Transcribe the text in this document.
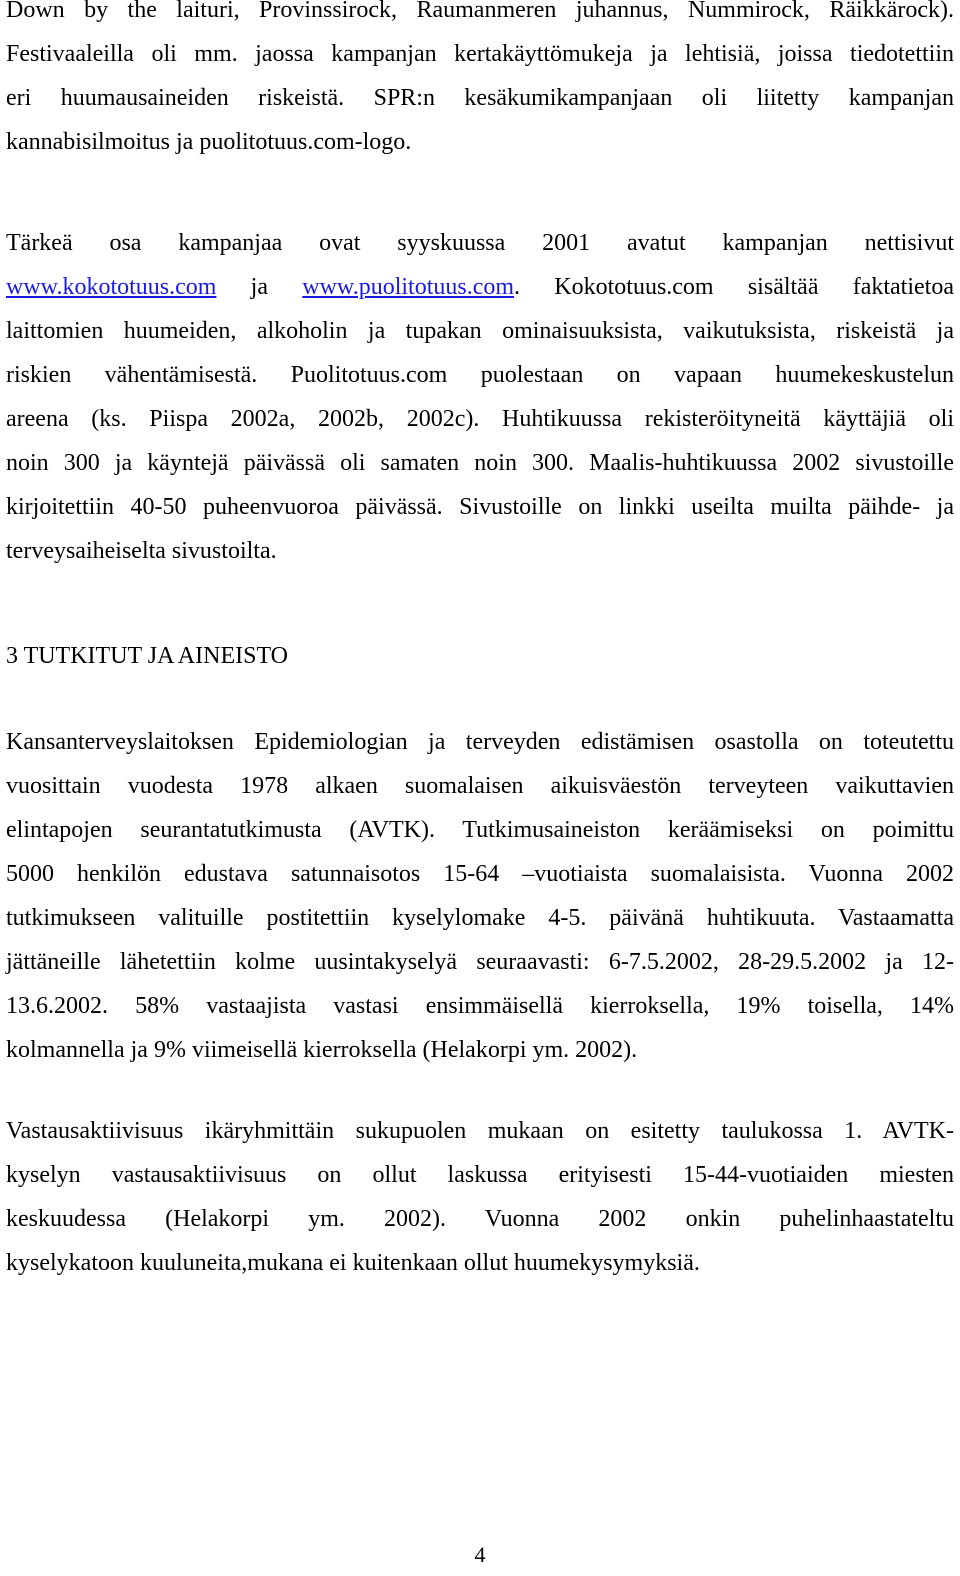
Down by the laituri, Provinssirock, Raumanmeren juhannus, Nummirock, Räikkärock).
Festivaaleilla oli mm. jaossa kampanjan kertakäyttömukeja ja lehtisiä, joissa tiedotettiin
eri huumausaineiden riskeistä. SPR:n kesäkumikampanjaan oli liitetty kampanjan
kannabisilmoitus ja puolitotuus.com-logo.
Tärkeä osa kampanjaa ovat syyskuussa 2001 avatut kampanjan nettisivut
www.kokototuus.com ja www.puolitotuus.com. Kokototuus.com sisältää faktatietoa
laittomien huumeiden, alkoholin ja tupakan ominaisuuksista, vaikutuksista, riskeistä ja
riskien vähentämisestä. Puolitotuus.com puolestaan on vapaan huumekeskustelun
areena (ks. Piispa 2002a, 2002b, 2002c). Huhtikuussa rekisteröityneitä käyttäjiä oli
noin 300 ja käyntejä päivässä oli samaten noin 300. Maalis-huhtikuussa 2002 sivustoille
kirjoitettiin 40-50 puheenvuoroa päivässä. Sivustoille on linkki useilta muilta päihde- ja
terveysaiheiselta sivustoilta.
3 TUTKITUT JA AINEISTO
Kansanterveyslaitoksen Epidemiologian ja terveyden edistämisen osastolla on toteutettu
vuosittain vuodesta 1978 alkaen suomalaisen aikuisväestön terveyteen vaikuttavien
elintapojen seurantatutkimusta (AVTK). Tutkimusaineiston keräämiseksi on poimittu
5000 henkilön edustava satunnaisotos 15-64 –vuotiaista suomalaisista. Vuonna 2002
tutkimukseen valituille postitettiin kyselylomake 4-5. päivänä huhtikuuta. Vastaamatta
jättäneille lähetettiin kolme uusintakyselyä seuraavasti: 6-7.5.2002, 28-29.5.2002 ja 12-
13.6.2002. 58% vastaajista vastasi ensimmäisellä kierroksella, 19% toisella, 14%
kolmannella ja 9% viimeisellä kierroksella (Helakorpi ym. 2002).
Vastausaktiivisuus ikäryhmittäin sukupuolen mukaan on esitetty taulukossa 1. AVTK-
kyselyn vastausaktiivisuus on ollut laskussa erityisesti 15-44-vuotiaiden miesten
keskuudessa (Helakorpi ym. 2002). Vuonna 2002 onkin puhelinhaastateltu
kyselykatoon kuuluneita,mukana ei kuitenkaan ollut huumekysymyksiä.
4
